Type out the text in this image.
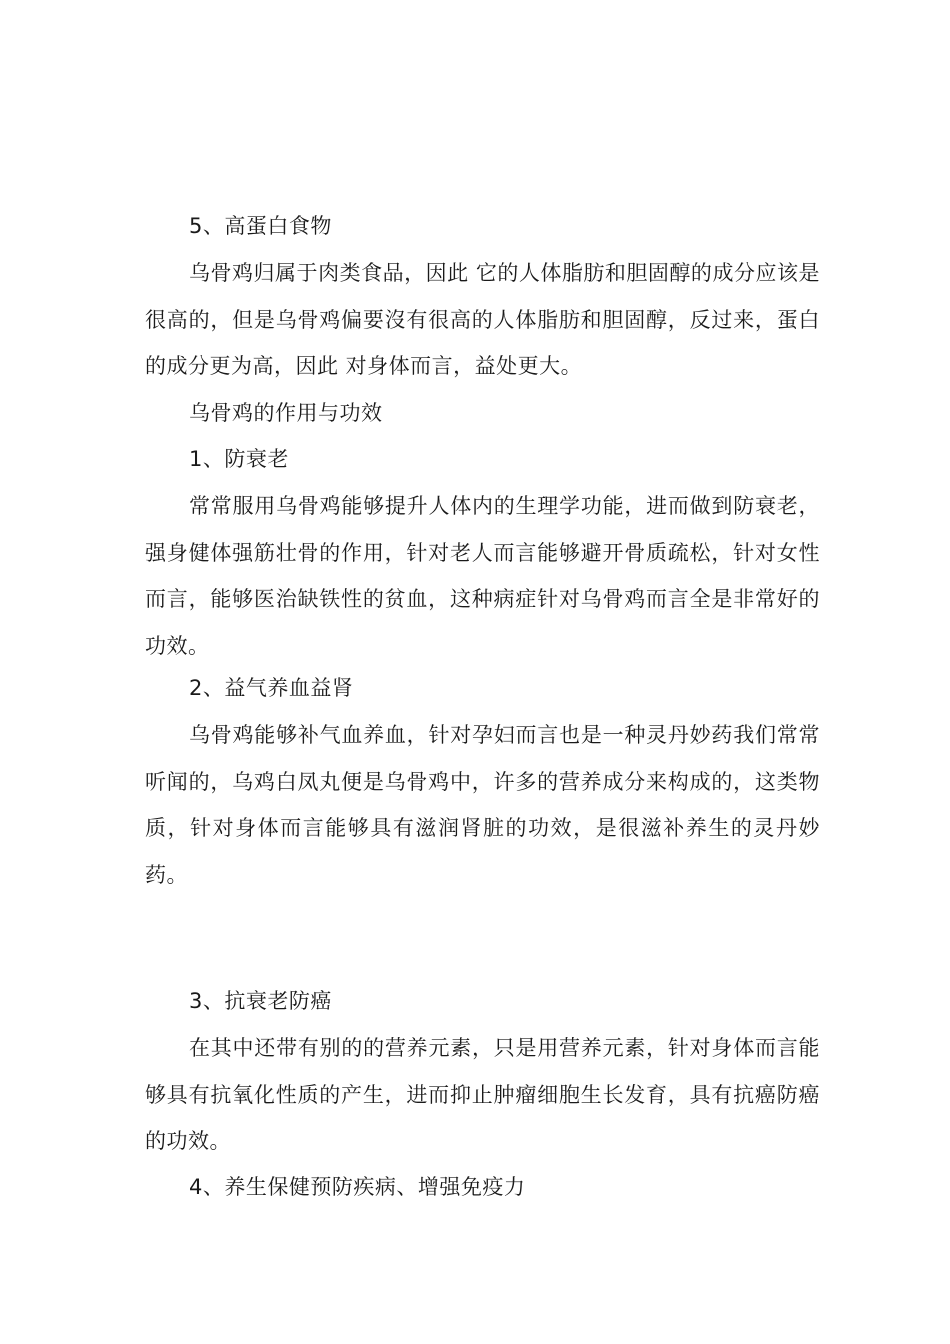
5、高蛋白食物
乌骨鸡归属于肉类食品，因此 它的人体脂肪和胆固醇的成分应该是很高的，但是乌骨鸡偏要沒有很高的人体脂肪和胆固醇，反过来，蛋白的成分更为高，因此 对身体而言，益处更大。
乌骨鸡的作用与功效
1、防衰老
常常服用乌骨鸡能够提升人体内的生理学功能，进而做到防衰老，强身健体强筋壮骨的作用，针对老人而言能够避开骨质疏松，针对女性而言，能够医治缺铁性的贫血，这种病症针对乌骨鸡而言全是非常好的功效。
2、益气养血益肾
乌骨鸡能够补气血养血，针对孕妇而言也是一种灵丹妙药我们常常听闻的，乌鸡白凤丸便是乌骨鸡中，许多的营养成分来构成的，这类物质，针对身体而言能够具有滋润肾脏的功效，是很滋补养生的灵丹妙药。
3、抗衰老防癌
在其中还带有别的的营养元素，只是用营养元素，针对身体而言能够具有抗氧化性质的产生，进而抑止肿瘤细胞生长发育，具有抗癌防癌的功效。
4、养生保健预防疾病、增强免疫力
